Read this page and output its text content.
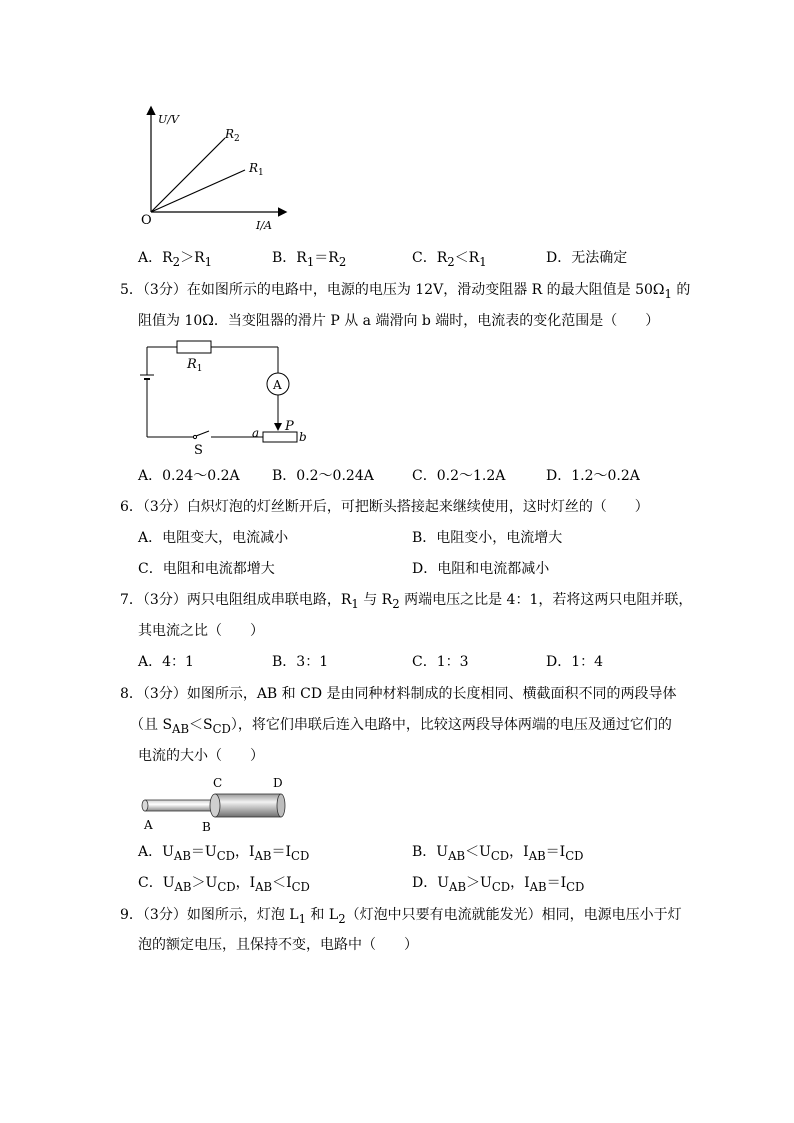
U/V
I/A
O
$R_2$
$R_1$
A．$R_2>R_1$	B．$R_1=R_2$	C．$R_2<R_1$	D．无法确定
5．（3分）在如图所示的电路中，电源的电压为 12V，滑动变阻器 R 的最大阻值是 $50\Omega_1$ 的
阻值为 10Ω．当变阻器的滑片 P 从 a 端滑向 b 端时，电流表的变化范围是（　　）
A
$R_1$
P
a	b
S
A．0.24～0.2A B．0.2～0.24A	C．0.2～1.2A	D．1.2～0.2A
6．（3分）白炽灯泡的灯丝断开后，可把断头搭接起来继续使用，这时灯丝的（　　）
A．电阻变大，电流减小	B．电阻变小，电流增大
C．电阻和电流都增大	D．电阻和电流都减小
7．（3分）两只电阻组成串联电路，$R_1$ 与 $R_2$ 两端电压之比是 4：1，若将这两只电阻并联，
其电流之比（　　）
A．4：1	B．3：1	C．1：3	D．1：4
8．（3分）如图所示，AB 和 CD 是由同种材料制成的长度相同、横截面积不同的两段导体
（且 $S_{AB}<S_{CD}$），将它们串联后连入电路中，比较这两段导体两端的电压及通过它们的
电流的大小（　　）
A	B
C	D
A．$U_{AB}=U_{CD}$，$I_{AB}=I_{CD}$	B．$U_{AB}<U_{CD}$，$I_{AB}=I_{CD}$
C．$U_{AB}>U_{CD}$，$I_{AB}<I_{CD}$	D．$U_{AB}>U_{CD}$，$I_{AB}=I_{CD}$
9．（3分）如图所示，灯泡 $L_1$ 和 $L_2$（灯泡中只要有电流就能发光）相同，电源电压小于灯
泡的额定电压，且保持不变，电路中（　　）
